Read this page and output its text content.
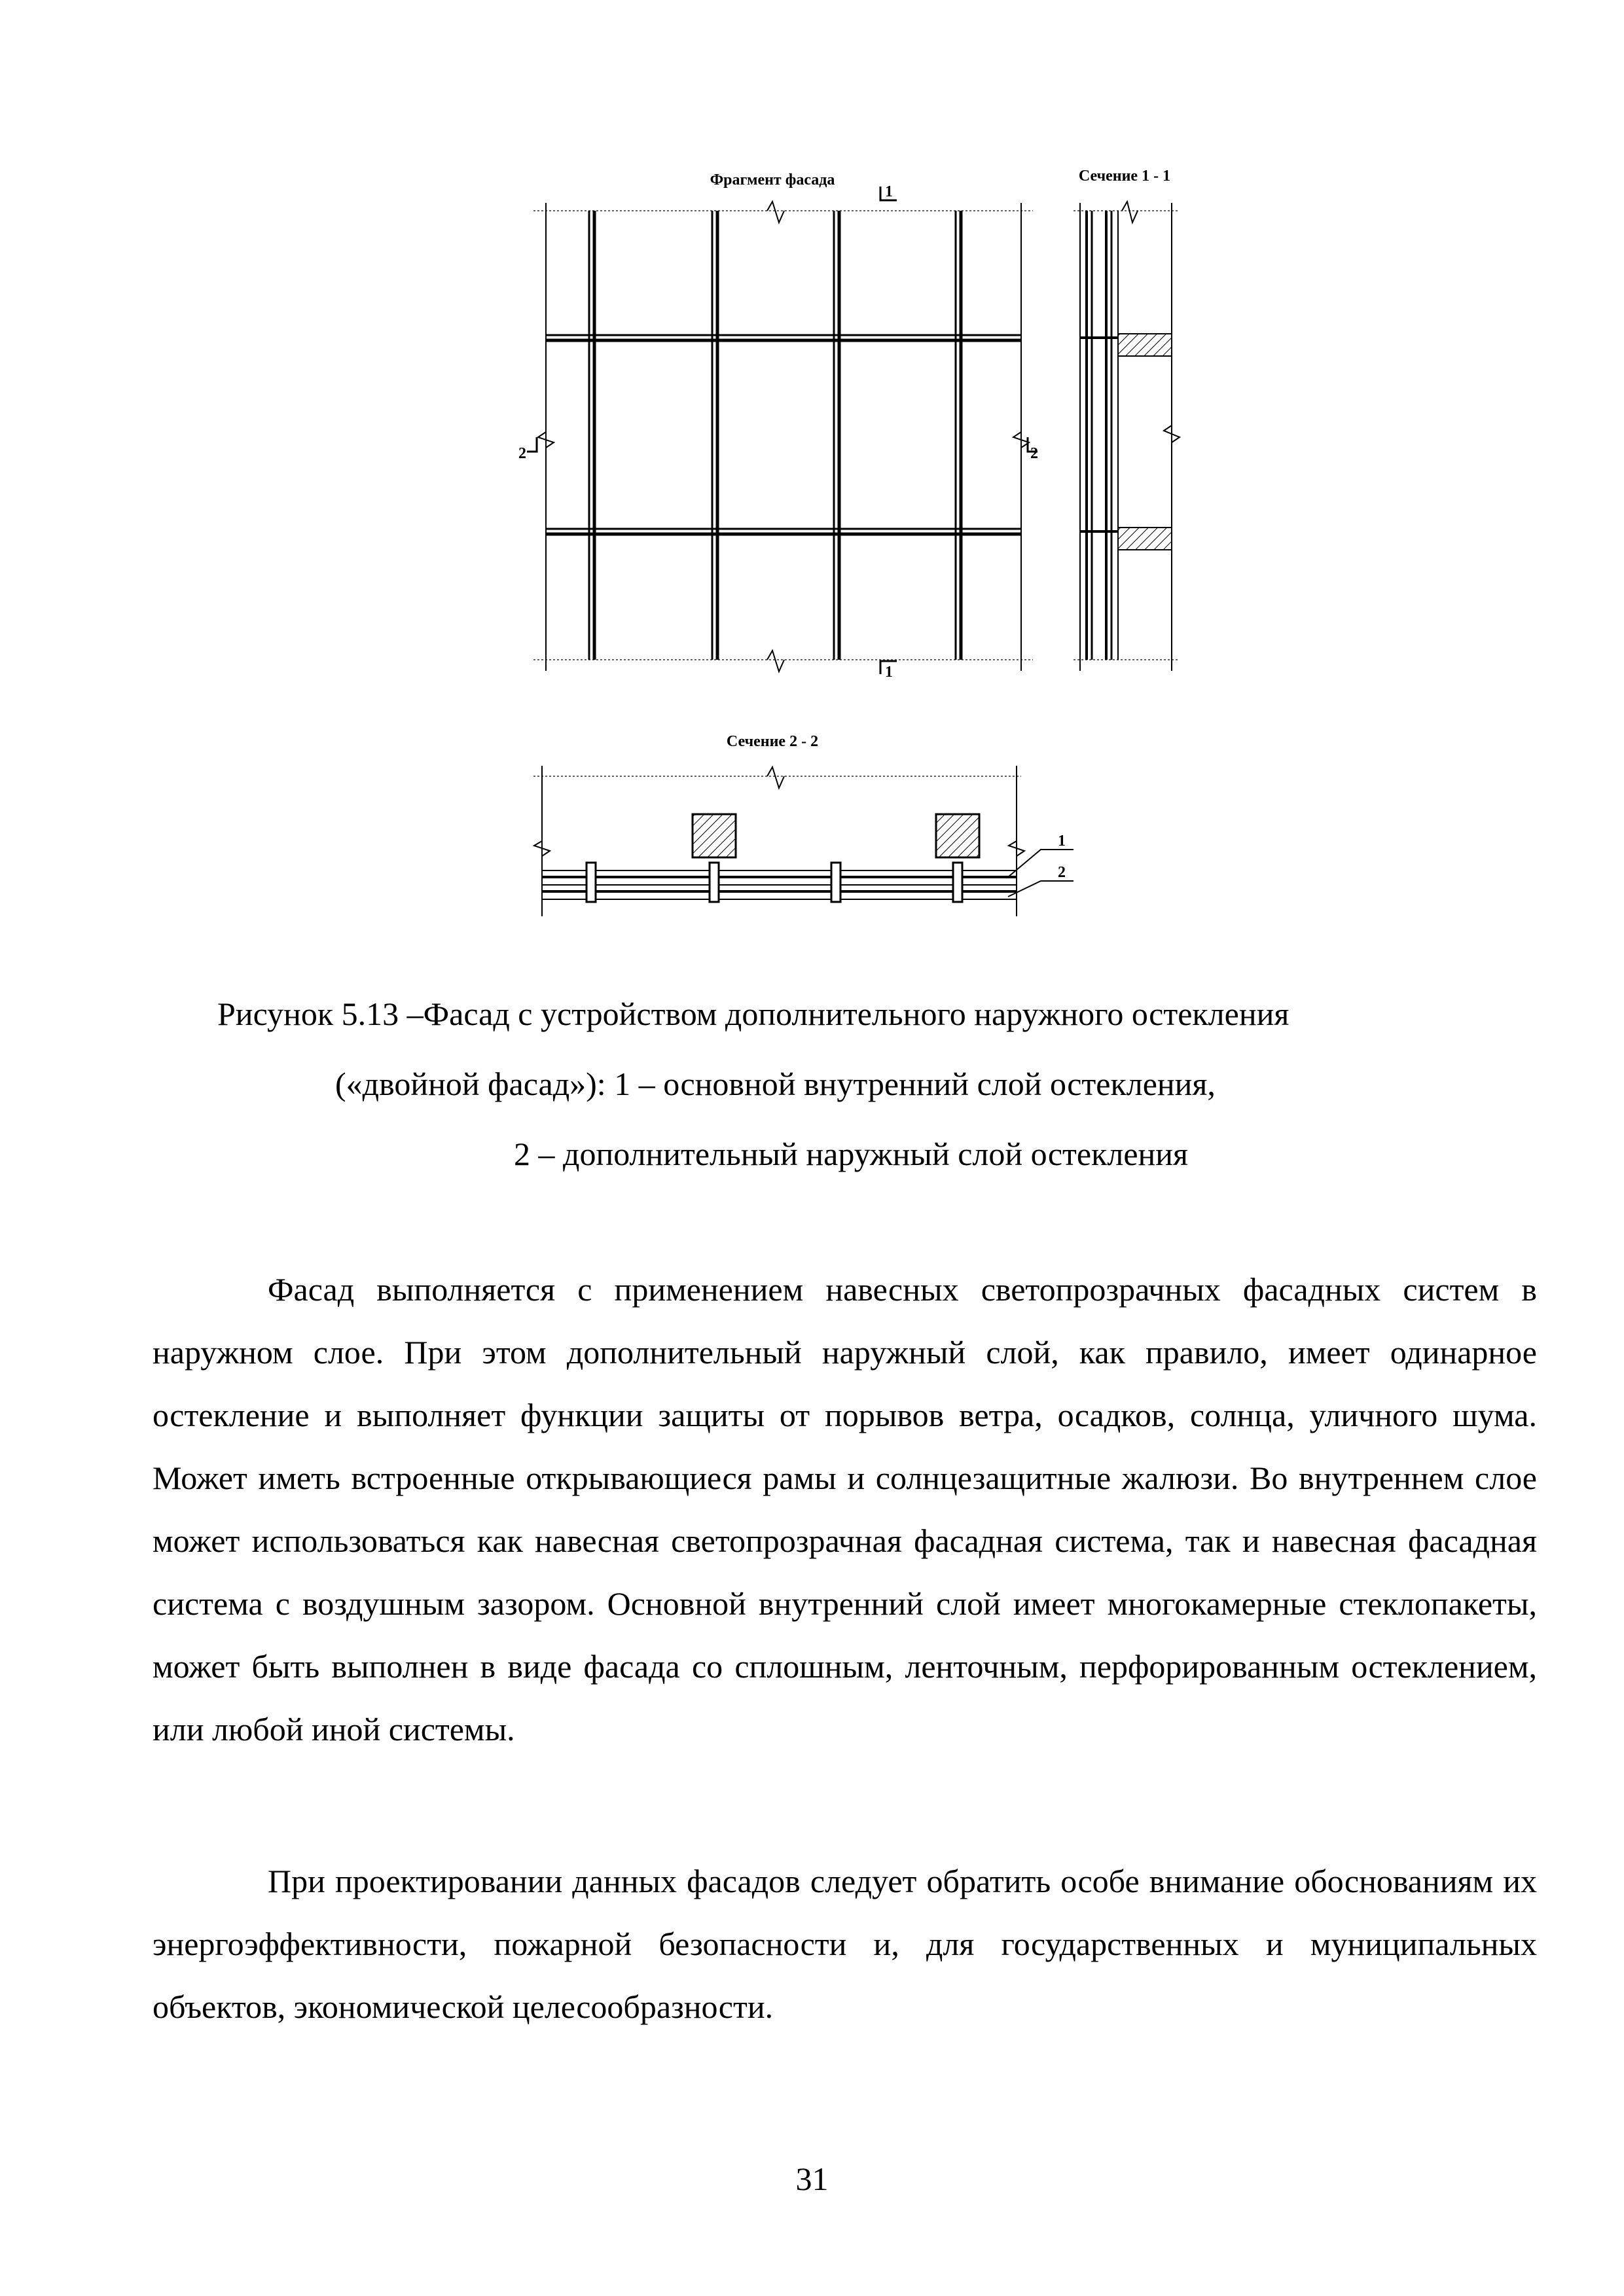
Фрагмент фасада
1
1
2	2
Сечение 1 - 1
Сечение 2 - 2
1
2
Рисунок 5.13 –Фасад с устройством дополнительного наружного остекления
(«двойной фасад»): 1 – основной внутренний слой остекления,
2 – дополнительный наружный слой остекления

Фасад выполняется с применением навесных светопрозрачных фасадных систем в наружном слое. При этом дополнительный наружный слой, как правило, имеет одинарное остекление и выполняет функции защиты от порывов ветра, осадков, солнца, уличного шума. Может иметь встроенные открывающиеся рамы и солнцезащитные жалюзи. Во внутреннем слое может использоваться как навесная светопрозрачная фасадная система, так и навесная фасадная система с воздушным зазором. Основной внутренний слой имеет многокамерные стеклопакеты, может быть выполнен в виде фасада со сплошным, ленточным, перфорированным остеклением, или любой иной системы.

При проектировании данных фасадов следует обратить особе внимание обоснованиям их энергоэффективности, пожарной безопасности и, для государственных и муниципальных объектов, экономической целесообразности.

31
